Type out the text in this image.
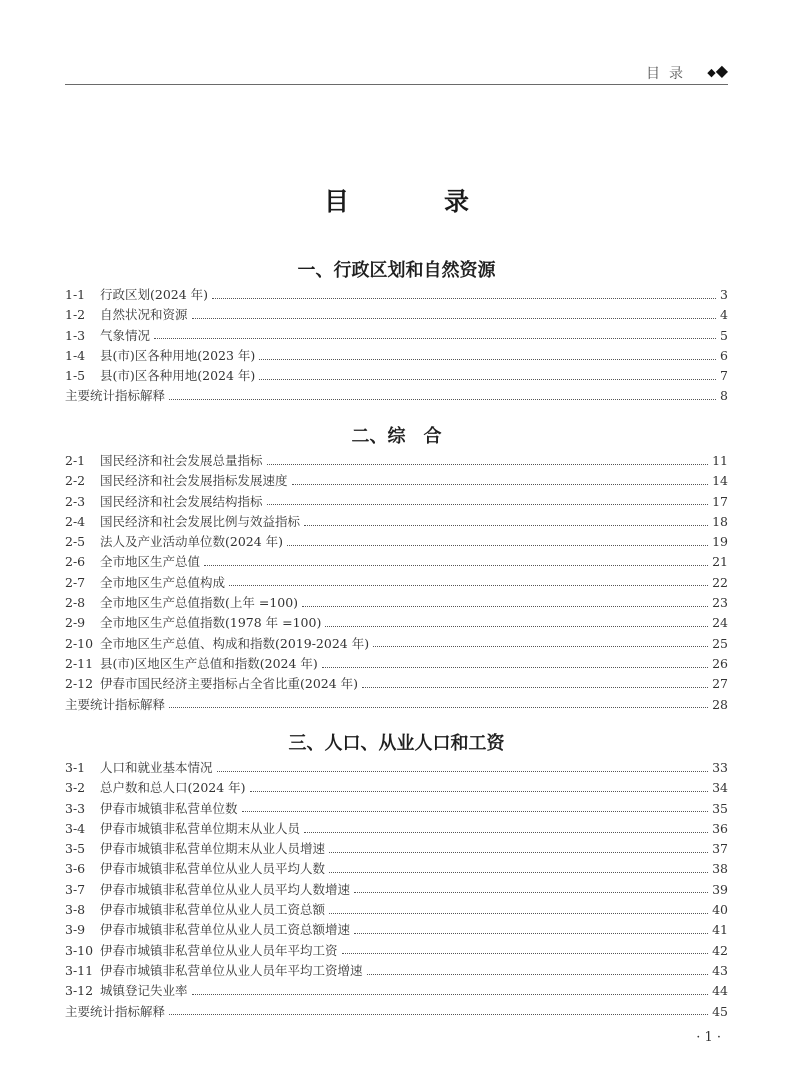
目录 ◆◆
目录
一、行政区划和自然资源
1-1	行政区划(2024 年)	3
1-2	自然状况和资源	4
1-3	气象情况	5
1-4	县(市)区各种用地(2023 年)	6
1-5	县(市)区各种用地(2024 年)	7
主要统计指标解释	8
二、综　合
2-1	国民经济和社会发展总量指标	11
2-2	国民经济和社会发展指标发展速度	14
2-3	国民经济和社会发展结构指标	17
2-4	国民经济和社会发展比例与效益指标	18
2-5	法人及产业活动单位数(2024 年)	19
2-6	全市地区生产总值	21
2-7	全市地区生产总值构成	22
2-8	全市地区生产总值指数(上年 =100)	23
2-9	全市地区生产总值指数(1978 年 =100)	24
2-10 全市地区生产总值、构成和指数(2019-2024 年)	25
2-11 县(市)区地区生产总值和指数(2024 年)	26
2-12 伊春市国民经济主要指标占全省比重(2024 年)	27
主要统计指标解释	28
三、人口、从业人口和工资
3-1	人口和就业基本情况	33
3-2	总户数和总人口(2024 年)	34
3-3	伊春市城镇非私营单位数	35
3-4	伊春市城镇非私营单位期末从业人员	36
3-5	伊春市城镇非私营单位期末从业人员增速	37
3-6	伊春市城镇非私营单位从业人员平均人数	38
3-7	伊春市城镇非私营单位从业人员平均人数增速	39
3-8	伊春市城镇非私营单位从业人员工资总额	40
3-9	伊春市城镇非私营单位从业人员工资总额增速	41
3-10 伊春市城镇非私营单位从业人员年平均工资	42
3-11 伊春市城镇非私营单位从业人员年平均工资增速	43
3-12 城镇登记失业率	44
主要统计指标解释	45
· 1 ·
